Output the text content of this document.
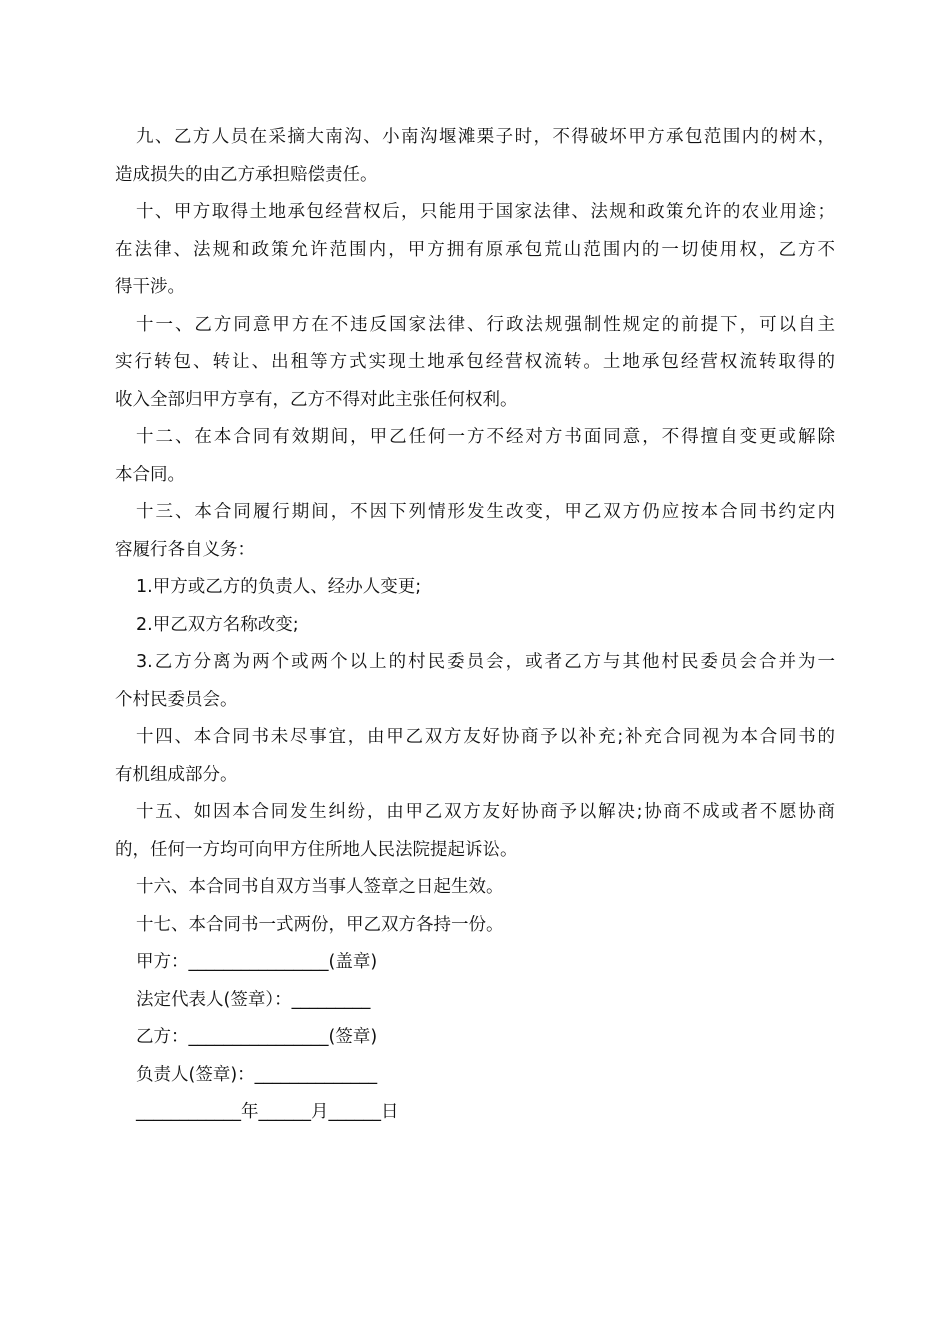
九、乙方人员在采摘大南沟、小南沟堰滩栗子时，不得破坏甲方承包范围内的树木，
造成损失的由乙方承担赔偿责任。
十、甲方取得土地承包经营权后，只能用于国家法律、法规和政策允许的农业用途；
在法律、法规和政策允许范围内，甲方拥有原承包荒山范围内的一切使用权，乙方不
得干涉。
十一、乙方同意甲方在不违反国家法律、行政法规强制性规定的前提下，可以自主
实行转包、转让、出租等方式实现土地承包经营权流转。土地承包经营权流转取得的
收入全部归甲方享有，乙方不得对此主张任何权利。
十二、在本合同有效期间，甲乙任何一方不经对方书面同意，不得擅自变更或解除
本合同。
十三、本合同履行期间，不因下列情形发生改变，甲乙双方仍应按本合同书约定内
容履行各自义务：
1.甲方或乙方的负责人、经办人变更;
2.甲乙双方名称改变;
3.乙方分离为两个或两个以上的村民委员会，或者乙方与其他村民委员会合并为一
个村民委员会。
十四、本合同书未尽事宜，由甲乙双方友好协商予以补充;补充合同视为本合同书的
有机组成部分。
十五、如因本合同发生纠纷，由甲乙双方友好协商予以解决;协商不成或者不愿协商
的，任何一方均可向甲方住所地人民法院提起诉讼。
十六、本合同书自双方当事人签章之日起生效。
十七、本合同书一式两份，甲乙双方各持一份。
甲方：________________(盖章)
法定代表人(签章）：_________
乙方：________________(签章)
负责人(签章)：______________
____________年______月______日
